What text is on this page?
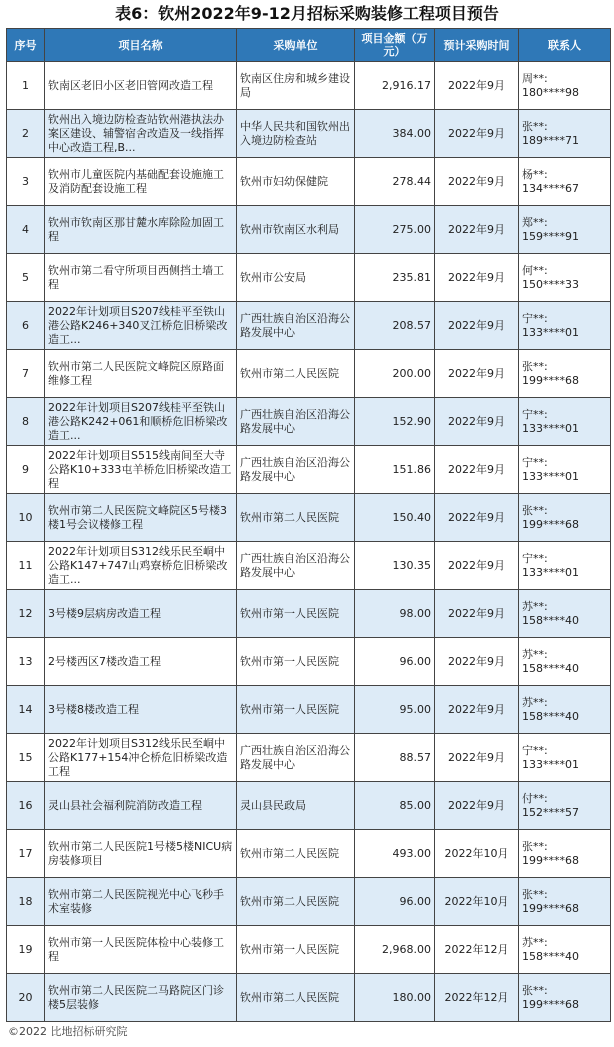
表6：钦州2022年9-12月招标采购装修工程项目预告
序号	项目名称	采购单位	项目金额（万元）	预计采购时间	联系人
1	钦南区老旧小区老旧管网改造工程	钦南区住房和城乡建设局	2,916.17	2022年9月	周**:
180****98

2	钦州出入境边防检查站钦州港执法办案区建设、辅警宿舍改造及一线指挥中心改造工程,B...	中华人民共和国钦州出入境边防检查站	384.00	2022年9月	张**:
189****71

3	钦州市儿童医院内基础配套设施施工及消防配套设施工程	钦州市妇幼保健院	278.44	2022年9月	杨**:
134****67

4	钦州市钦南区那甘麓水库除险加固工程	钦州市钦南区水利局	275.00	2022年9月	郑**:
159****91

5	钦州市第二看守所项目西侧挡土墙工程	钦州市公安局	235.81	2022年9月	何**:
150****33

6	2022年计划项目S207线桂平至铁山港公路K246+340叉江桥危旧桥梁改造工...	广西壮族自治区沿海公路发展中心	208.57	2022年9月	宁**:
133****01

7	钦州市第二人民医院文峰院区原路面维修工程	钦州市第二人民医院	200.00	2022年9月	张**:
199****68

8	2022年计划项目S207线桂平至铁山港公路K242+061和顺桥危旧桥梁改造工...	广西壮族自治区沿海公路发展中心	152.90	2022年9月	宁**:
133****01

9	2022年计划项目S515线南间至大寺公路K10+333屯羊桥危旧桥梁改造工程	广西壮族自治区沿海公路发展中心	151.86	2022年9月	宁**:
133****01

10	钦州市第二人民医院文峰院区5号楼3楼1号会议楼修工程	钦州市第二人民医院	150.40	2022年9月	张**:
199****68

11	2022年计划项目S312线乐民至峒中公路K147+747山鸡寮桥危旧桥梁改造工...	广西壮族自治区沿海公路发展中心	130.35	2022年9月	宁**:
133****01

12	3号楼9层病房改造工程	钦州市第一人民医院	98.00	2022年9月	苏**:
158****40

13	2号楼西区7楼改造工程	钦州市第一人民医院	96.00	2022年9月	苏**:
158****40

14	3号楼8楼改造工程	钦州市第一人民医院	95.00	2022年9月	苏**:
158****40

15	2022年计划项目S312线乐民至峒中公路K177+154冲仑桥危旧桥梁改造工程	广西壮族自治区沿海公路发展中心	88.57	2022年9月	宁**:
133****01

16	灵山县社会福利院消防改造工程	灵山县民政局	85.00	2022年9月	付**:
152****57

17	钦州市第二人民医院1号楼5楼NICU病房装修项目	钦州市第二人民医院	493.00	2022年10月	张**:
199****68

18	钦州市第二人民医院视光中心飞秒手术室装修	钦州市第二人民医院	96.00	2022年10月	张**:
199****68

19	钦州市第一人民医院体检中心装修工程	钦州市第一人民医院	2,968.00	2022年12月	苏**:
158****40

20	钦州市第二人民医院二马路院区门诊楼5层装修	钦州市第二人民医院	180.00	2022年12月	张**:
199****68
©2022 比地招标研究院
